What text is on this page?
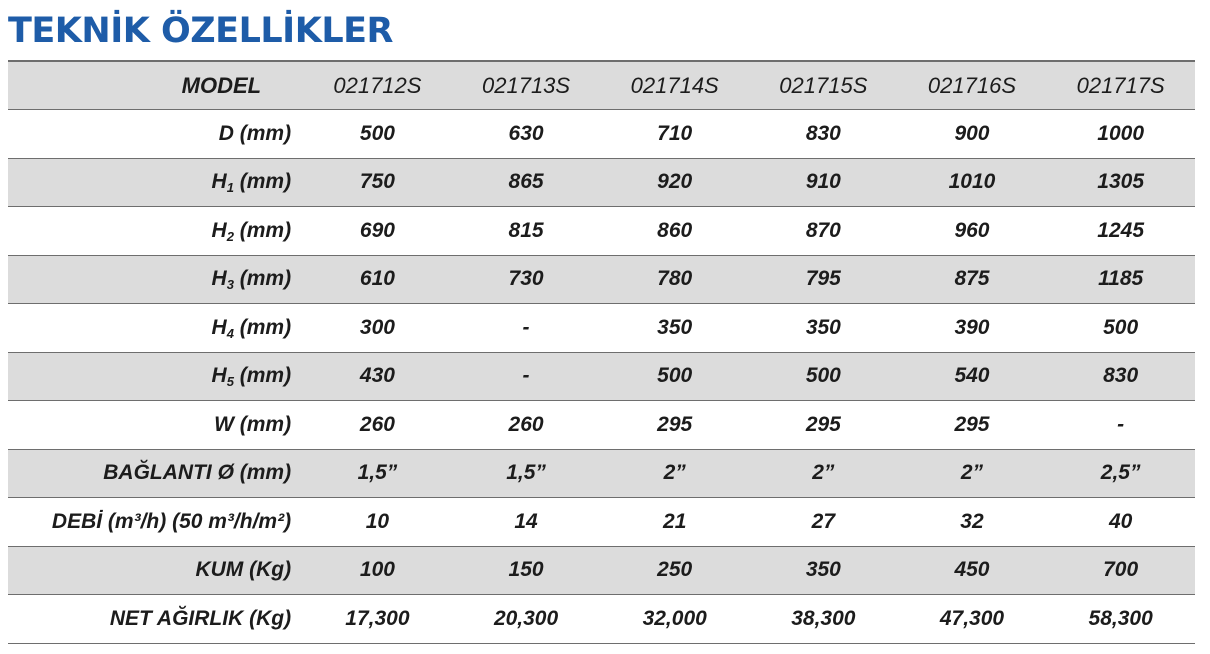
TEKNİK ÖZELLİKLER
MODEL	021712S	021713S	021714S	021715S	021716S	021717S
D (mm)	500	630	710	830	900	1000
$H_1$ (mm)	750	865	920	910	1010	1305
$H_2$ (mm)	690	815	860	870	960	1245
$H_3$ (mm)	610	730	780	795	875	1185
$H_4$ (mm)	300	-	350	350	390	500
$H_5$ (mm)	430	-	500	500	540	830
W (mm)	260	260	295	295	295	-
BAĞLANTI Ø (mm)	1,5”	1,5”	2”	2”	2”	2,5”
DEBİ (m³/h) (50 m³/h/m²)	10	14	21	27	32	40
KUM (Kg)	100	150	250	350	450	700
NET AĞIRLIK (Kg)	17,300	20,300	32,000	38,300	47,300	58,300
